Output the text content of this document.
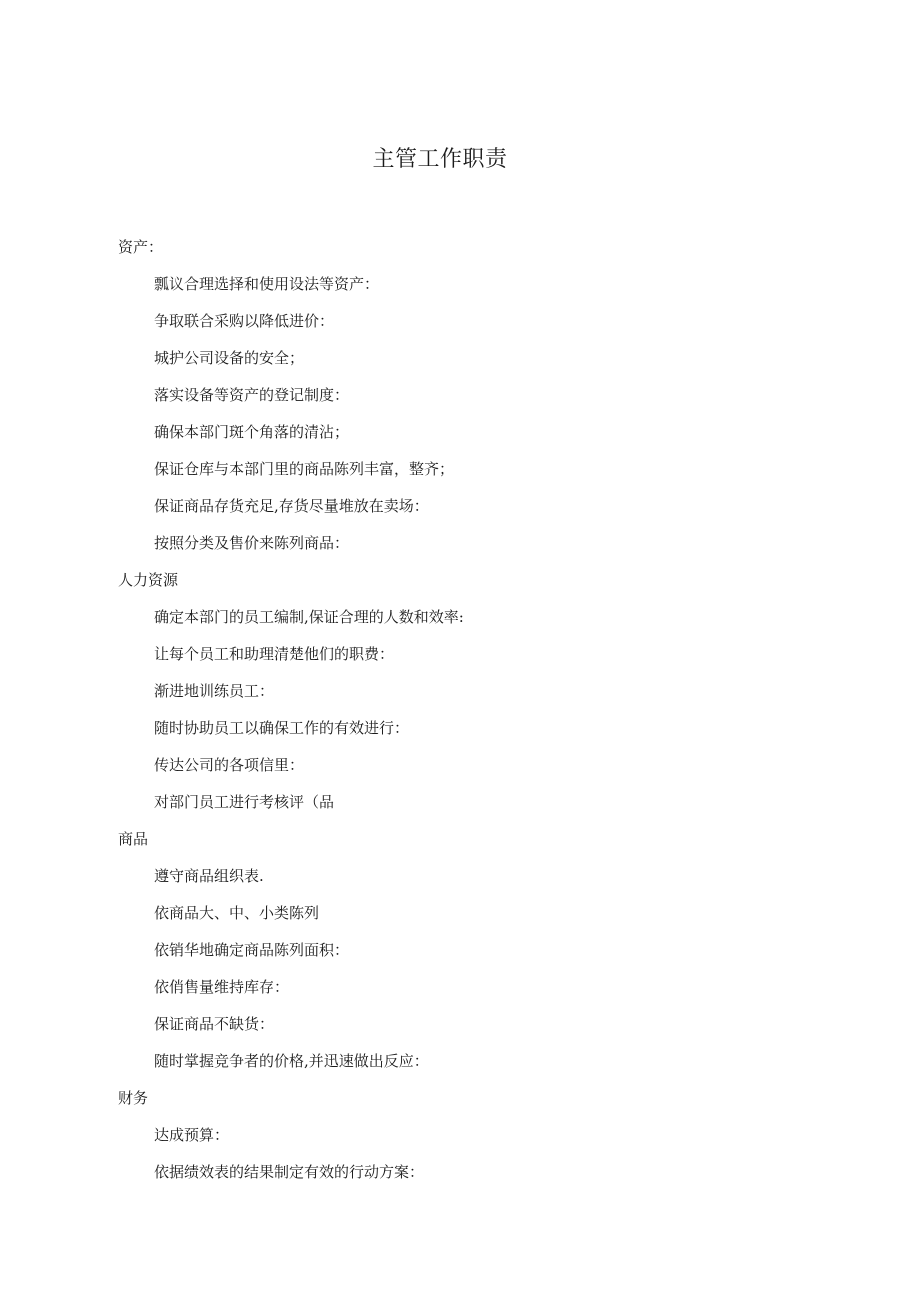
主管工作职责
资产：
瓢议合理选择和使用设法等资产：
争取联合采购以降低进价：
城护公司设备的安全；
落实设备等资产的登记制度：
确保本部门斑个角落的清沾；
保证仓库与本部门里的商品陈列丰富，整齐；
保证商品存货充足,存货尽量堆放在卖场：
按照分类及售价来陈列商品：
人力资源
确定本部门的员工编制,保证合理的人数和效率:
让每个员工和助理清楚他们的职费：
渐进地训练员工：
随时协助员工以确保工作的有效进行：
传达公司的各项信里：
对部门员工进行考核评（品
商品
遵守商品组织表.
依商品大、中、小类陈列
依销华地确定商品陈列面积：
依俏售量维持库存：
保证商品不缺货：
随时掌握竞争者的价格,并迅速做出反应：
财务
达成预算：
依据绩效表的结果制定有效的行动方案：
